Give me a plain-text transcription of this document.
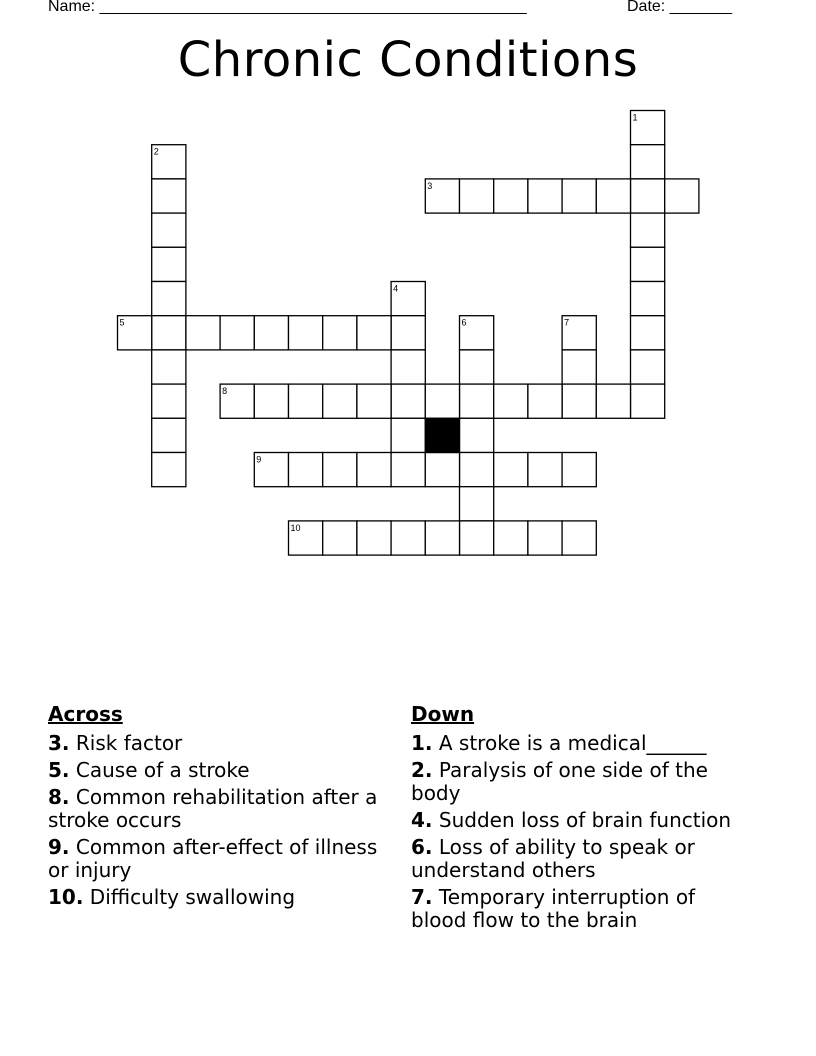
Name: ________________________________________________	Date: _______
Chronic Conditions
1
2
3
4
5	6	7
8
9
10
Across
3. Risk factor
5. Cause of a stroke
8. Common rehabilitation after a stroke occurs
9. Common after-effect of illness or injury
10. Difficulty swallowing
Down
1. A stroke is a medical______
2. Paralysis of one side of the body
4. Sudden loss of brain function
6. Loss of ability to speak or understand others
7. Temporary interruption of blood flow to the brain
